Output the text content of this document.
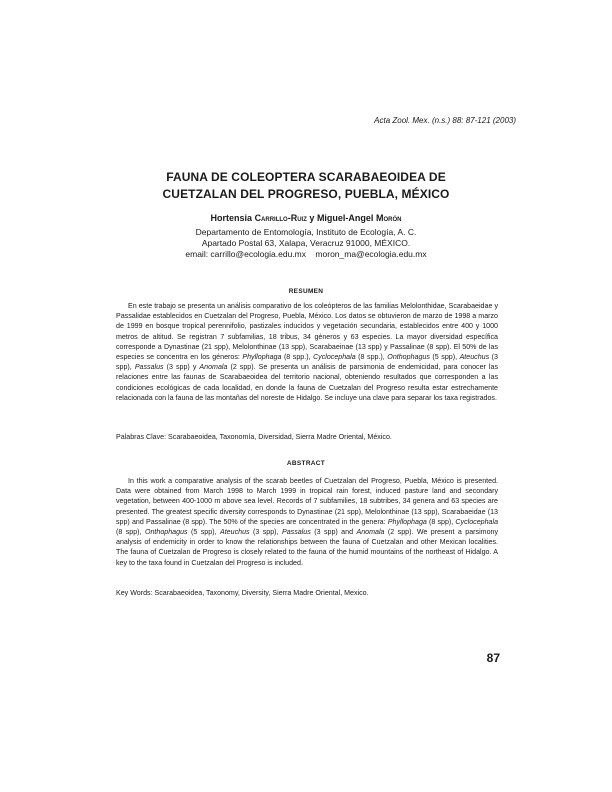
Acta Zool. Mex. (n.s.) 88: 87-121 (2003)
FAUNA DE COLEOPTERA SCARABAEOIDEA DE
CUETZALAN DEL PROGRESO, PUEBLA, MÉXICO
Hortensia Carrillo-Ruiz y Miguel-Angel Morón
Departamento de Entomología, Instituto de Ecología, A. C.
Apartado Postal 63, Xalapa, Veracruz 91000, MÉXICO.
email: carrillo@ecologia.edu.mx    moron_ma@ecologia.edu.mx
RESUMEN
En este trabajo se presenta un análisis comparativo de los coleópteros de las familias Melolonthidae, Scarabaeidae y Passalidae establecidos en Cuetzalan del Progreso, Puebla, México. Los datos se obtuvieron de marzo de 1998 a marzo de 1999 en bosque tropical perennifolio, pastizales inducidos y vegetación secundaria, establecidos entre 400 y 1000 metros de altitud. Se registran 7 subfamilias, 18 tribus, 34 géneros y 63 especies. La mayor diversidad específica corresponde a Dynastinae (21 spp), Melolonthinae (13 spp), Scarabaeinae (13 spp) y Passalinae (8 spp). El 50% de las especies se concentra en los géneros: Phyllophaga (8 spp.), Cyclocephala (8 spp.), Onthophagus (5 spp), Ateuchus (3 spp), Passalus (3 spp) y Anomala (2 spp). Se presenta un análisis de parsimonia de endemicidad, para conocer las relaciones entre las faunas de Scarabaeoidea del territorio nacional, obteniendo resultados que corresponden a las condiciones ecológicas de cada localidad, en donde la fauna de Cuetzalan del Progreso resulta estar estrechamente relacionada con la fauna de las montañas del noreste de Hidalgo. Se incluye una clave para separar los taxa registrados.
Palabras Clave: Scarabaeoidea, Taxonomía, Diversidad, Sierra Madre Oriental, México.
ABSTRACT
In this work a comparative analysis of the scarab beetles of Cuetzalan del Progreso, Puebla, México is presented. Data were obtained from March 1998 to March 1999 in tropical rain forest, induced pasture land and secondary vegetation, between 400-1000 m above sea level. Records of 7 subfamilies, 18 subtribes, 34 genera and 63 species are presented. The greatest specific diversity corresponds to Dynastinae (21 spp), Melolonthinae (13 spp), Scarabaeidae (13 spp) and Passalinae (8 spp). The 50% of the species are concentrated in the genera: Phyllophaga (8 spp), Cyclocephala (8 spp), Onthophagus (5 spp), Ateuchus (3 spp), Passalus (3 spp) and Anomala (2 spp). We present a parsimony analysis of endemicity in order to know the relationships between the fauna of Cuetzalan and other Mexican localities. The fauna of Cuetzalan de Progreso is closely related to the fauna of the humid mountains of the northeast of Hidalgo. A key to the taxa found in Cuetzalan del Progreso is included.
Key Words: Scarabaeoidea, Taxonomy, Diversity, Sierra Madre Oriental, Mexico.
87
